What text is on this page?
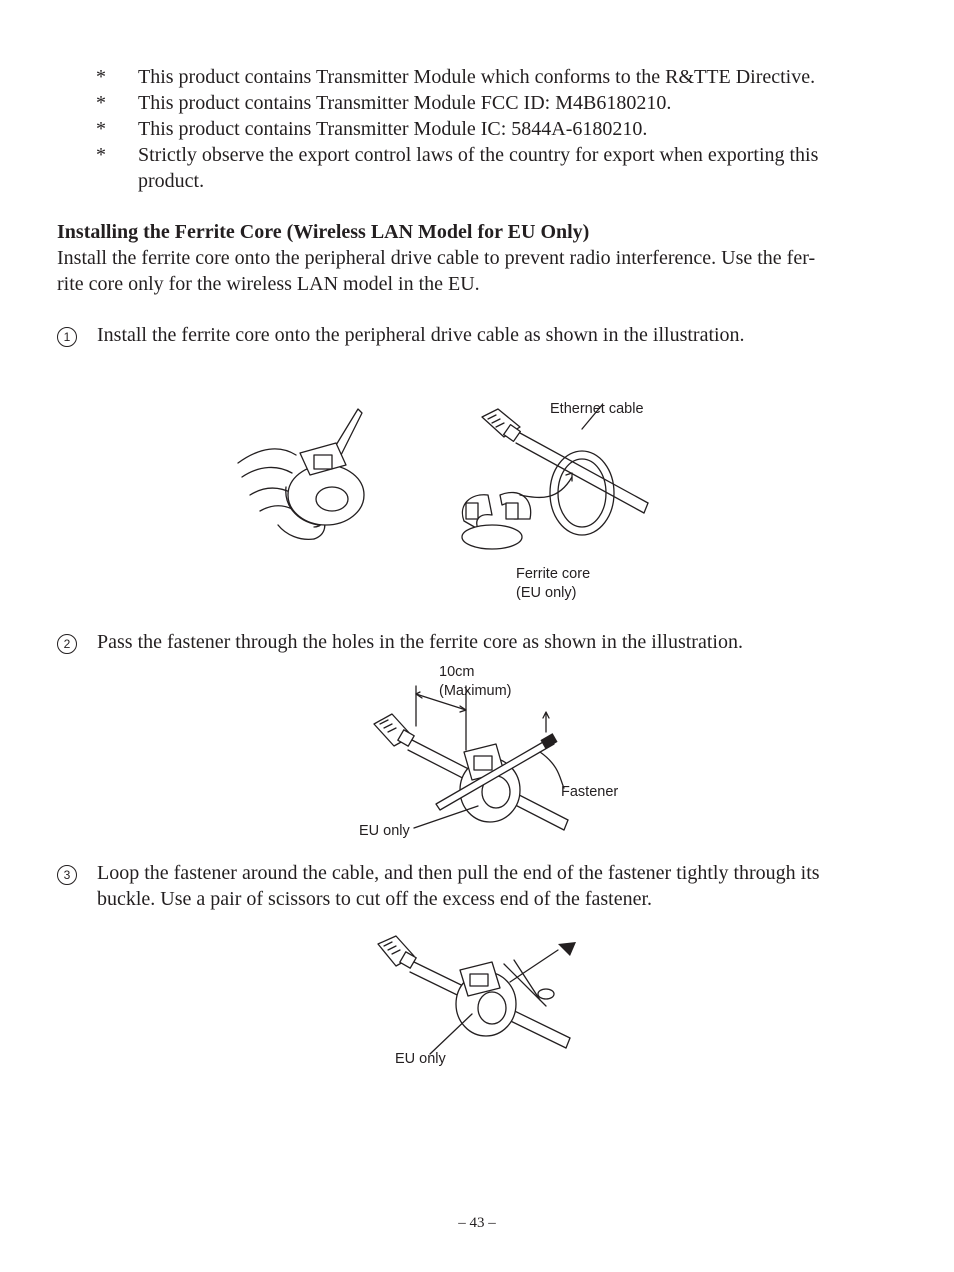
*	This product contains Transmitter Module which conforms to the R&TTE Directive.
*	This product contains Transmitter Module FCC ID: M4B6180210.
*	This product contains Transmitter Module IC: 5844A-6180210.
*	Strictly observe the export control laws of the country for export when exporting this
product.
Installing the Ferrite Core (Wireless LAN Model for EU Only)
Install the ferrite core onto the peripheral drive cable to prevent radio interference. Use the fer-
rite core only for the wireless LAN model in the EU.
1	Install the ferrite core onto the peripheral drive cable as shown in the illustration.
Ethernet cable
Ferrite core
(EU only)
2	Pass the fastener through the holes in the ferrite core as shown in the illustration.
10cm
(Maximum)
Fastener
EU only
3	Loop the fastener around the cable, and then pull the end of the fastener tightly through its
buckle. Use a pair of scissors to cut off the excess end of the fastener.
EU only
– 43 –
